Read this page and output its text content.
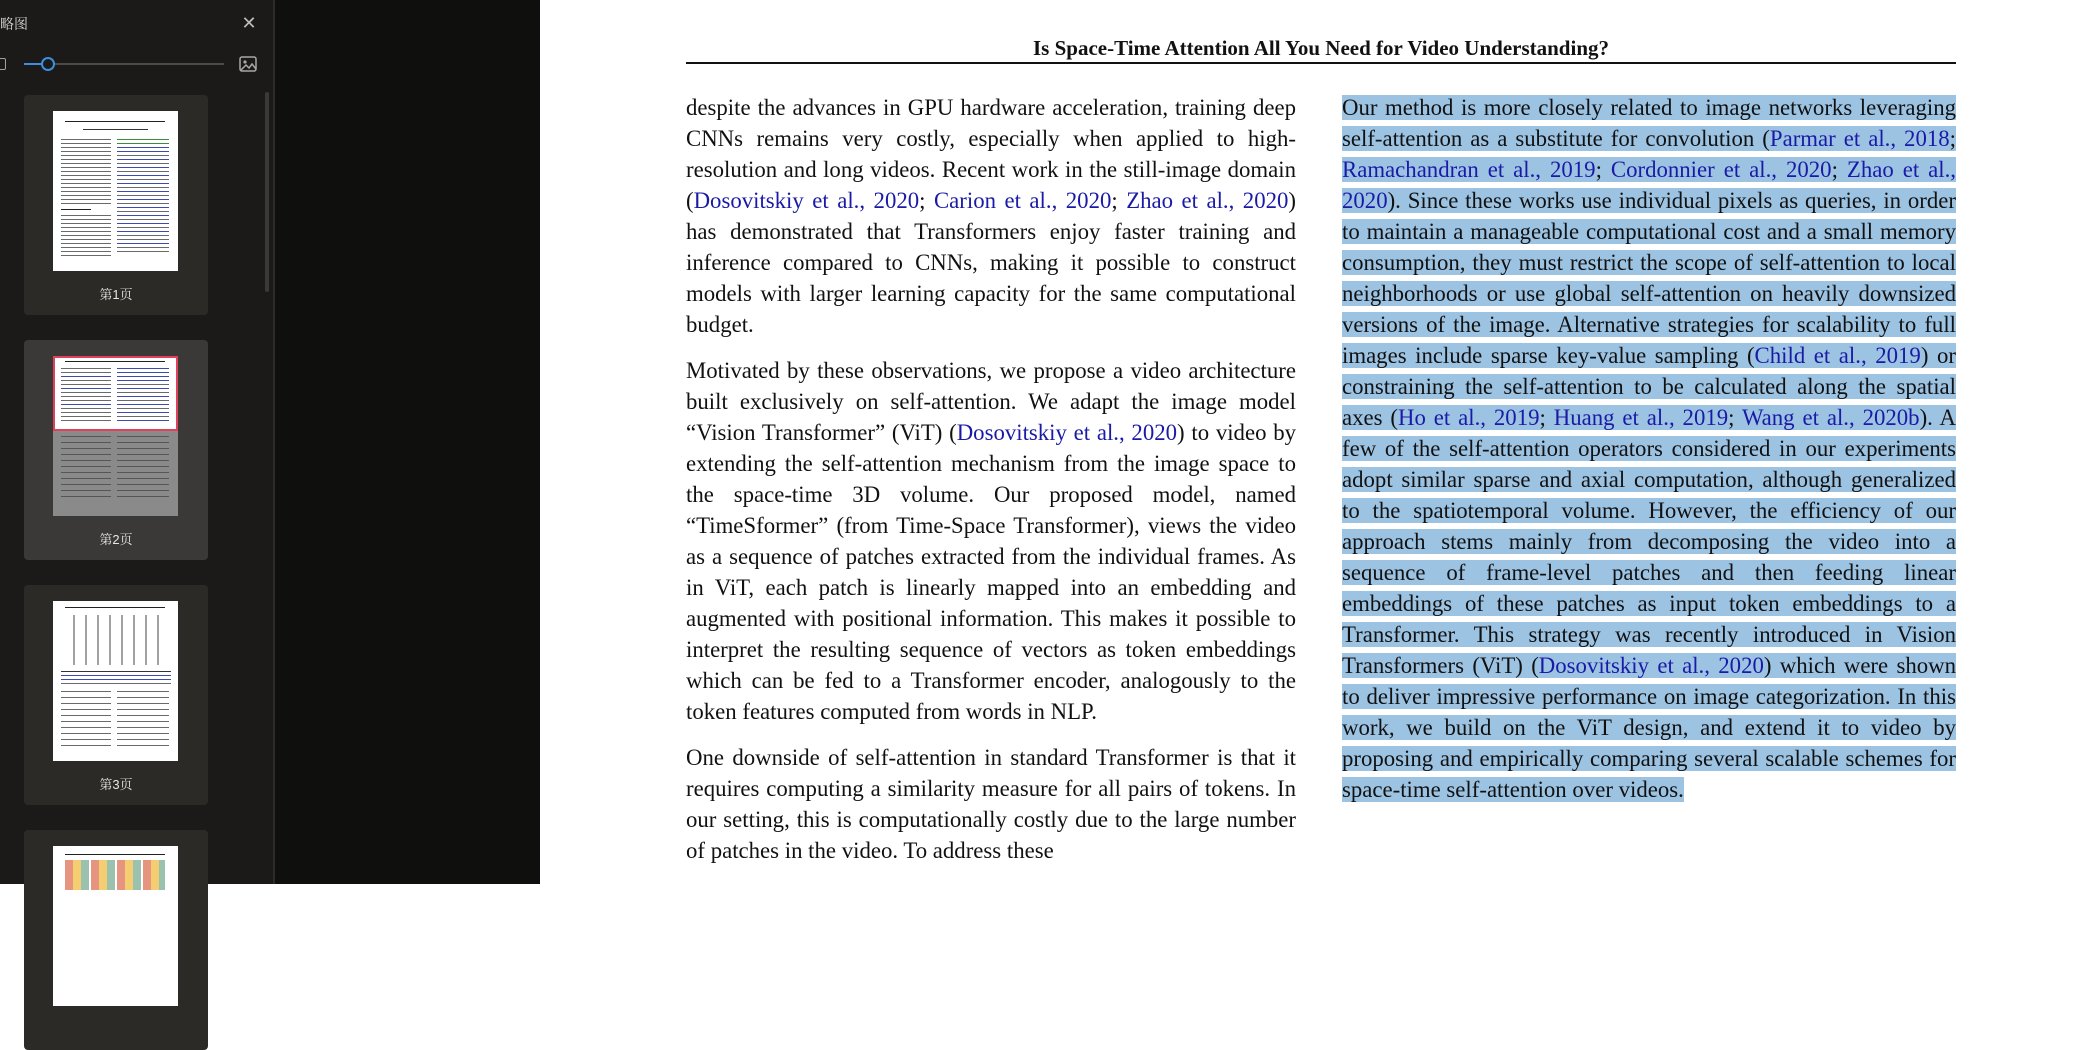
略图	✕
第1页
第2页
第3页
Is Space-Time Attention All You Need for Video Understanding?

despite the advances in GPU hardware acceleration, training deep CNNs remains very costly, especially when applied to high-resolution and long videos. Recent work in the still-image domain (Dosovitskiy et al., 2020; Carion et al., 2020; Zhao et al., 2020) has demonstrated that Transformers enjoy faster training and inference compared to CNNs, making it possible to construct models with larger learning capacity for the same computational budget.

Motivated by these observations, we propose a video architecture built exclusively on self-attention. We adapt the image model “Vision Transformer” (ViT) (Dosovitskiy et al., 2020) to video by extending the self-attention mechanism from the image space to the space-time 3D volume. Our proposed model, named “TimeSformer” (from Time-Space Transformer), views the video as a sequence of patches extracted from the individual frames. As in ViT, each patch is linearly mapped into an embedding and augmented with positional information. This makes it possible to interpret the resulting sequence of vectors as token embeddings which can be fed to a Transformer encoder, analogously to the token features computed from words in NLP.

One downside of self-attention in standard Transformer is that it requires computing a similarity measure for all pairs of tokens. In our setting, this is computationally costly due to the large number of patches in the video. To address these

Our method is more closely related to image networks leveraging self-attention as a substitute for convolution (Parmar et al., 2018; Ramachandran et al., 2019; Cordonnier et al., 2020; Zhao et al., 2020). Since these works use individual pixels as queries, in order to maintain a manageable computational cost and a small memory consumption, they must restrict the scope of self-attention to local neighborhoods or use global self-attention on heavily downsized versions of the image. Alternative strategies for scalability to full images include sparse key-value sampling (Child et al., 2019) or constraining the self-attention to be calculated along the spatial axes (Ho et al., 2019; Huang et al., 2019; Wang et al., 2020b). A few of the self-attention operators considered in our experiments adopt similar sparse and axial computation, although generalized to the spatiotemporal volume. However, the efficiency of our approach stems mainly from decomposing the video into a sequence of frame-level patches and then feeding linear embeddings of these patches as input token embeddings to a Transformer. This strategy was recently introduced in Vision Transformers (ViT) (Dosovitskiy et al., 2020) which were shown to deliver impressive performance on image categorization. In this work, we build on the ViT design, and extend it to video by proposing and empirically comparing several scalable schemes for space-time self-attention over videos.
